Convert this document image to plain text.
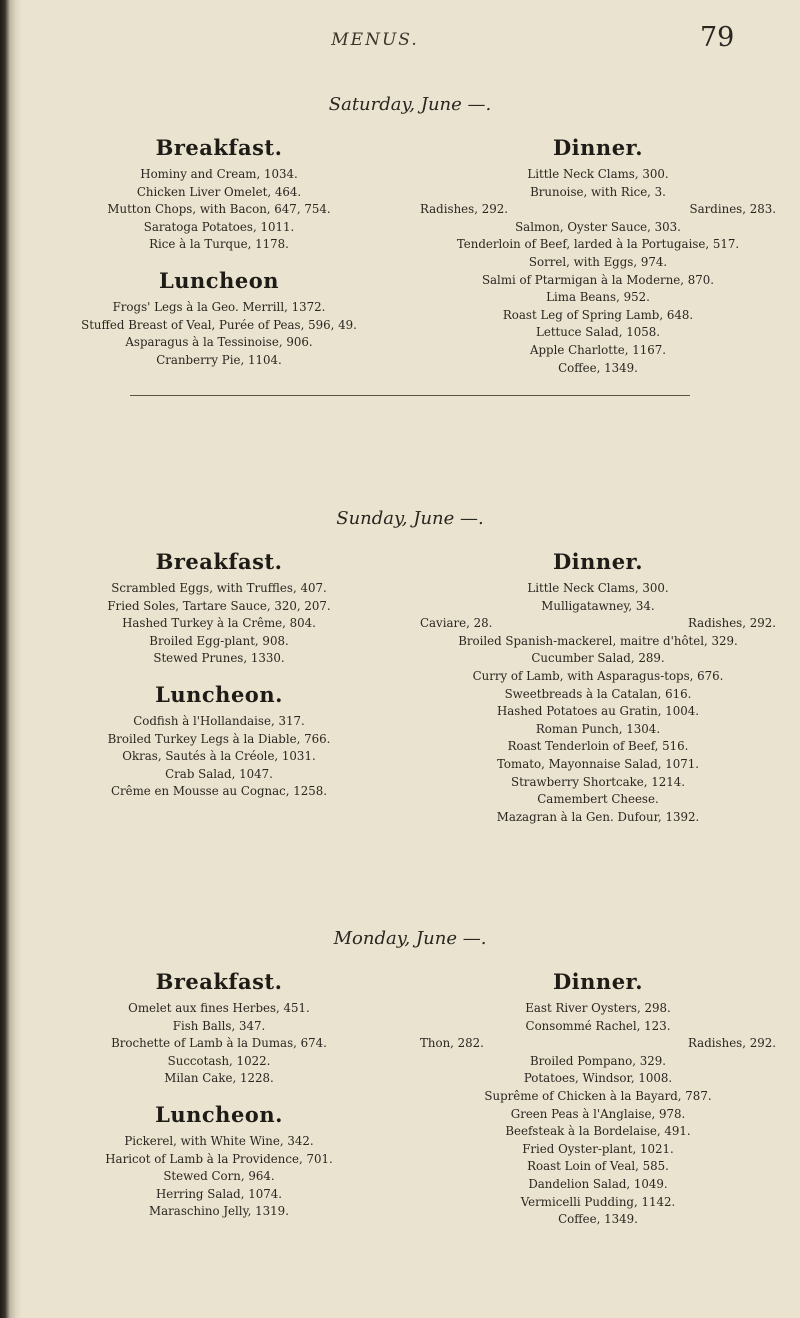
MENUS.	79
Saturday, June —.
Breakfast.
Hominy and Cream, 1034.
Chicken Liver Omelet, 464.
Mutton Chops, with Bacon, 647, 754.
Saratoga Potatoes, 1011.
Rice à la Turque, 1178.
Luncheon
Frogs' Legs à la Geo. Merrill, 1372.
Stuffed Breast of Veal, Purée of Peas, 596, 49.
Asparagus à la Tessinoise, 906.
Cranberry Pie, 1104.
Dinner.
Little Neck Clams, 300.
Brunoise, with Rice, 3.
Radishes, 292.	Sardines, 283.
Salmon, Oyster Sauce, 303.
Tenderloin of Beef, larded à la Portugaise, 517.
Sorrel, with Eggs, 974.
Salmi of Ptarmigan à la Moderne, 870.
Lima Beans, 952.
Roast Leg of Spring Lamb, 648.
Lettuce Salad, 1058.
Apple Charlotte, 1167.
Coffee, 1349.
Sunday, June —.
Breakfast.
Scrambled Eggs, with Truffles, 407.
Fried Soles, Tartare Sauce, 320, 207.
Hashed Turkey à la Crême, 804.
Broiled Egg-plant, 908.
Stewed Prunes, 1330.
Luncheon.
Codfish à l'Hollandaise, 317.
Broiled Turkey Legs à la Diable, 766.
Okras, Sautés à la Créole, 1031.
Crab Salad, 1047.
Crême en Mousse au Cognac, 1258.
Dinner.
Little Neck Clams, 300.
Mulligatawney, 34.
Caviare, 28.	Radishes, 292.
Broiled Spanish-mackerel, maitre d'hôtel, 329.
Cucumber Salad, 289.
Curry of Lamb, with Asparagus-tops, 676.
Sweetbreads à la Catalan, 616.
Hashed Potatoes au Gratin, 1004.
Roman Punch, 1304.
Roast Tenderloin of Beef, 516.
Tomato, Mayonnaise Salad, 1071.
Strawberry Shortcake, 1214.
Camembert Cheese.
Mazagran à la Gen. Dufour, 1392.
Monday, June —.
Breakfast.
Omelet aux fines Herbes, 451.
Fish Balls, 347.
Brochette of Lamb à la Dumas, 674.
Succotash, 1022.
Milan Cake, 1228.
Luncheon.
Pickerel, with White Wine, 342.
Haricot of Lamb à la Providence, 701.
Stewed Corn, 964.
Herring Salad, 1074.
Maraschino Jelly, 1319.
Dinner.
East River Oysters, 298.
Consommé Rachel, 123.
Thon, 282.	Radishes, 292.
Broiled Pompano, 329.
Potatoes, Windsor, 1008.
Suprême of Chicken à la Bayard, 787.
Green Peas à l'Anglaise, 978.
Beefsteak à la Bordelaise, 491.
Fried Oyster-plant, 1021.
Roast Loin of Veal, 585.
Dandelion Salad, 1049.
Vermicelli Pudding, 1142.
Coffee, 1349.
